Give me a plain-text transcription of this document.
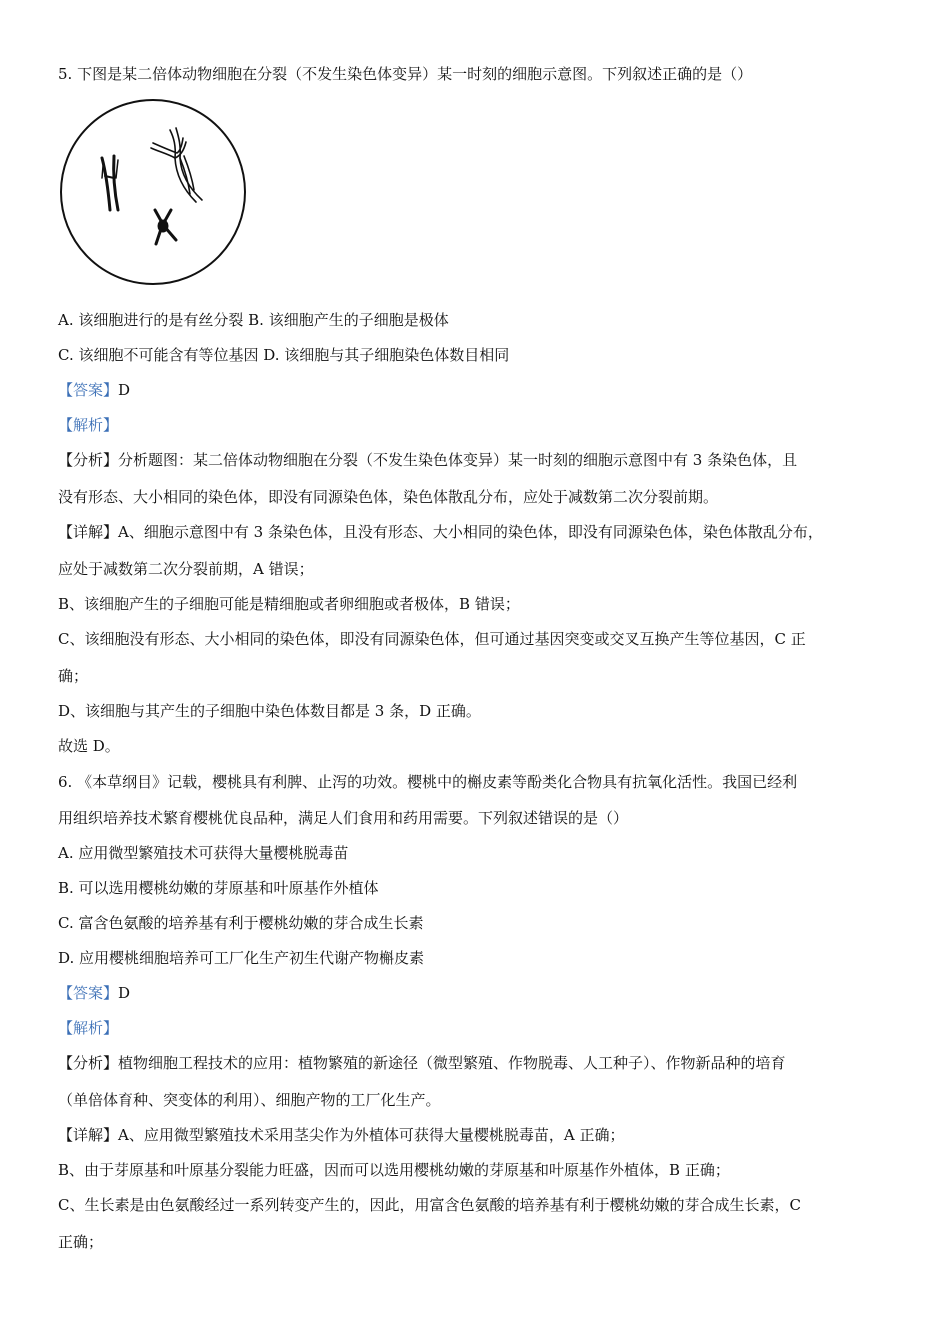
5. 下图是某二倍体动物细胞在分裂（不发生染色体变异）某一时刻的细胞示意图。下列叙述正确的是（）
A. 该细胞进行的是有丝分裂 B. 该细胞产生的子细胞是极体
C. 该细胞不可能含有等位基因 D. 该细胞与其子细胞染色体数目相同
【答案】D
【解析】
【分析】分析题图：某二倍体动物细胞在分裂（不发生染色体变异）某一时刻的细胞示意图中有 3 条染色体，且
没有形态、大小相同的染色体，即没有同源染色体，染色体散乱分布，应处于减数第二次分裂前期。
【详解】A、细胞示意图中有 3 条染色体，且没有形态、大小相同的染色体，即没有同源染色体，染色体散乱分布，
应处于减数第二次分裂前期，A 错误；
B、该细胞产生的子细胞可能是精细胞或者卵细胞或者极体，B 错误；
C、该细胞没有形态、大小相同的染色体，即没有同源染色体，但可通过基因突变或交叉互换产生等位基因，C 正
确；
D、该细胞与其产生的子细胞中染色体数目都是 3 条，D 正确。
故选 D。
6. 《本草纲目》记载，樱桃具有利脾、止泻的功效。樱桃中的槲皮素等酚类化合物具有抗氧化活性。我国已经利
用组织培养技术繁育樱桃优良品种，满足人们食用和药用需要。下列叙述错误的是（）
A. 应用微型繁殖技术可获得大量樱桃脱毒苗
B. 可以选用樱桃幼嫩的芽原基和叶原基作外植体
C. 富含色氨酸的培养基有利于樱桃幼嫩的芽合成生长素
D. 应用樱桃细胞培养可工厂化生产初生代谢产物槲皮素
【答案】D
【解析】
【分析】植物细胞工程技术的应用：植物繁殖的新途径（微型繁殖、作物脱毒、人工种子）、作物新品种的培育
（单倍体育种、突变体的利用）、细胞产物的工厂化生产。
【详解】A、应用微型繁殖技术采用茎尖作为外植体可获得大量樱桃脱毒苗，A 正确；
B、由于芽原基和叶原基分裂能力旺盛，因而可以选用樱桃幼嫩的芽原基和叶原基作外植体，B 正确；
C、生长素是由色氨酸经过一系列转变产生的，因此，用富含色氨酸的培养基有利于樱桃幼嫩的芽合成生长素，C
正确；
